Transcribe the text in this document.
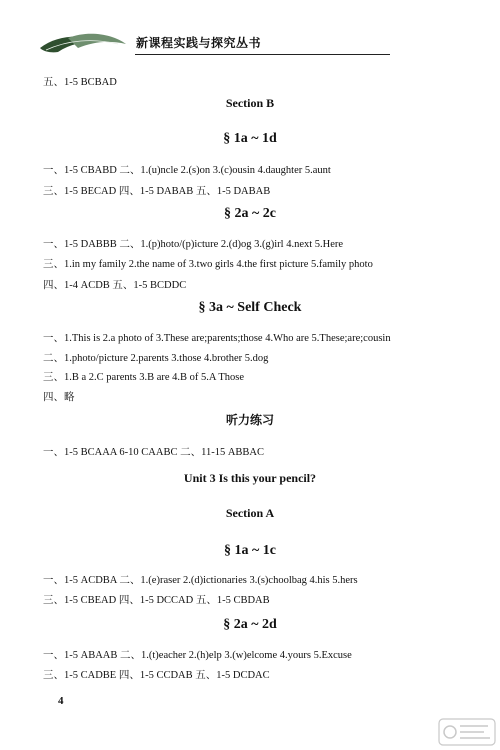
新课程实践与探究丛书
五、1-5 BCBAD
Section B
§ 1a ~ 1d
一、1-5 CBABD 二、1.(u)ncle 2.(s)on 3.(c)ousin 4.daughter 5.aunt
三、1-5 BECAD 四、1-5 DABAB 五、1-5 DABAB
§ 2a ~ 2c
一、1-5 DABBB 二、1.(p)hoto/(p)icture 2.(d)og 3.(g)irl 4.next 5.Here
三、1.in my family 2.the name of 3.two girls 4.the first picture 5.family photo
四、1-4 ACDB 五、1-5 BCDDC
§ 3a ~ Self Check
一、1.This is 2.a photo of 3.These are;parents;those 4.Who are 5.These;are;cousin
二、1.photo/picture 2.parents 3.those 4.brother 5.dog
三、1.B a 2.C parents 3.B are 4.B of 5.A Those
四、略
听力练习
一、1-5 BCAAA 6-10 CAABC 二、11-15 ABBAC
Unit 3 Is this your pencil?
Section A
§ 1a ~ 1c
一、1-5 ACDBA 二、1.(e)raser 2.(d)ictionaries 3.(s)choolbag 4.his 5.hers
三、1-5 CBEAD 四、1-5 DCCAD 五、1-5 CBDAB
§ 2a ~ 2d
一、1-5 ABAAB 二、1.(t)eacher 2.(h)elp 3.(w)elcome 4.yours 5.Excuse
三、1-5 CADBE 四、1-5 CCDAB 五、1-5 DCDAC
4
